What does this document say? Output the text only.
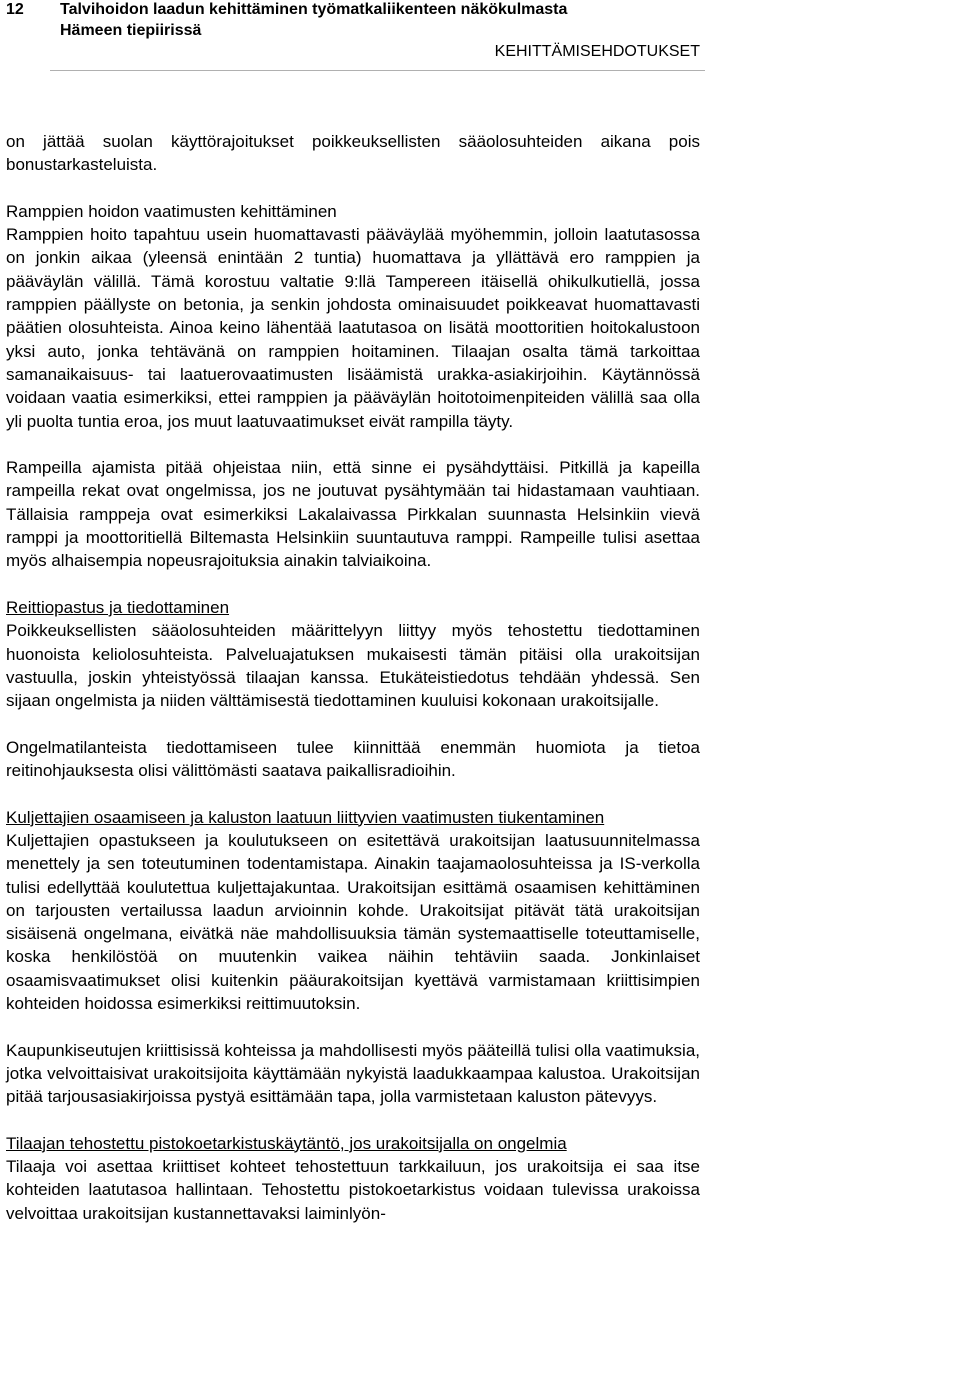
12 Talvihoidon laadun kehittäminen työmatkaliikenteen näkökulmasta
Hämeen tiepiirissä
KEHITTÄMISEHDOTUKSET

on jättää suolan käyttörajoitukset poikkeuksellisten sääolosuhteiden aikana pois bonustarkasteluista.

Ramppien hoidon vaatimusten kehittäminen

Ramppien hoito tapahtuu usein huomattavasti pääväylää myöhemmin, jolloin laatutasossa on jonkin aikaa (yleensä enintään 2 tuntia) huomattava ja yllättävä ero ramppien ja pääväylän välillä. Tämä korostuu valtatie 9:llä Tampereen itäisellä ohikulkutiellä, jossa ramppien päällyste on betonia, ja senkin johdosta ominaisuudet poikkeavat huomattavasti päätien olosuhteista. Ainoa keino lähentää laatutasoa on lisätä moottoritien hoitokalustoon yksi auto, jonka tehtävänä on ramppien hoitaminen. Tilaajan osalta tämä tarkoittaa samanaikaisuus- tai laatuerovaatimusten lisäämistä urakka-asiakirjoihin. Käytännössä voidaan vaatia esimerkiksi, ettei ramppien ja pääväylän hoitotoimenpiteiden välillä saa olla yli puolta tuntia eroa, jos muut laatuvaatimukset eivät rampilla täyty.

Rampeilla ajamista pitää ohjeistaa niin, että sinne ei pysähdyttäisi. Pitkillä ja kapeilla rampeilla rekat ovat ongelmissa, jos ne joutuvat pysähtymään tai hidastamaan vauhtiaan. Tällaisia ramppeja ovat esimerkiksi Lakalaivassa Pirkkalan suunnasta Helsinkiin vievä ramppi ja moottoritiellä Biltemasta Helsinkiin suuntautuva ramppi. Rampeille tulisi asettaa myös alhaisempia nopeusrajoituksia ainakin talviaikoina.

Reittiopastus ja tiedottaminen

Poikkeuksellisten sääolosuhteiden määrittelyyn liittyy myös tehostettu tiedottaminen huonoista keliolosuhteista. Palveluajatuksen mukaisesti tämän pitäisi olla urakoitsijan vastuulla, joskin yhteistyössä tilaajan kanssa. Etukäteistiedotus tehdään yhdessä. Sen sijaan ongelmista ja niiden välttämisestä tiedottaminen kuuluisi kokonaan urakoitsijalle.

Ongelmatilanteista tiedottamiseen tulee kiinnittää enemmän huomiota ja tietoa reitinohjauksesta olisi välittömästi saatava paikallisradioihin.

Kuljettajien osaamiseen ja kaluston laatuun liittyvien vaatimusten tiukentaminen

Kuljettajien opastukseen ja koulutukseen on esitettävä urakoitsijan laatusuunnitelmassa menettely ja sen toteutuminen todentamistapa. Ainakin taajamaolosuhteissa ja IS-verkolla tulisi edellyttää koulutettua kuljettajakuntaa. Urakoitsijan esittämä osaamisen kehittäminen on tarjousten vertailussa laadun arvioinnin kohde. Urakoitsijat pitävät tätä urakoitsijan sisäisenä ongelmana, eivätkä näe mahdollisuuksia tämän systemaattiselle toteuttamiselle, koska henkilöstöä on muutenkin vaikea näihin tehtäviin saada. Jonkinlaiset osaamisvaatimukset olisi kuitenkin pääurakoitsijan kyettävä varmistamaan kriittisimpien kohteiden hoidossa esimerkiksi reittimuutoksin.

Kaupunkiseutujen kriittisissä kohteissa ja mahdollisesti myös pääteillä tulisi olla vaatimuksia, jotka velvoittaisivat urakoitsijoita käyttämään nykyistä laadukkaampaa kalustoa. Urakoitsijan pitää tarjousasiakirjoissa pystyä esittämään tapa, jolla varmistetaan kaluston pätevyys.

Tilaajan tehostettu pistokoetarkistuskäytäntö, jos urakoitsijalla on ongelmia

Tilaaja voi asettaa kriittiset kohteet tehostettuun tarkkailuun, jos urakoitsija ei saa itse kohteiden laatutasoa hallintaan. Tehostettu pistokoetarkistus voidaan tulevissa urakoissa velvoittaa urakoitsijan kustannettavaksi laiminlyön-
